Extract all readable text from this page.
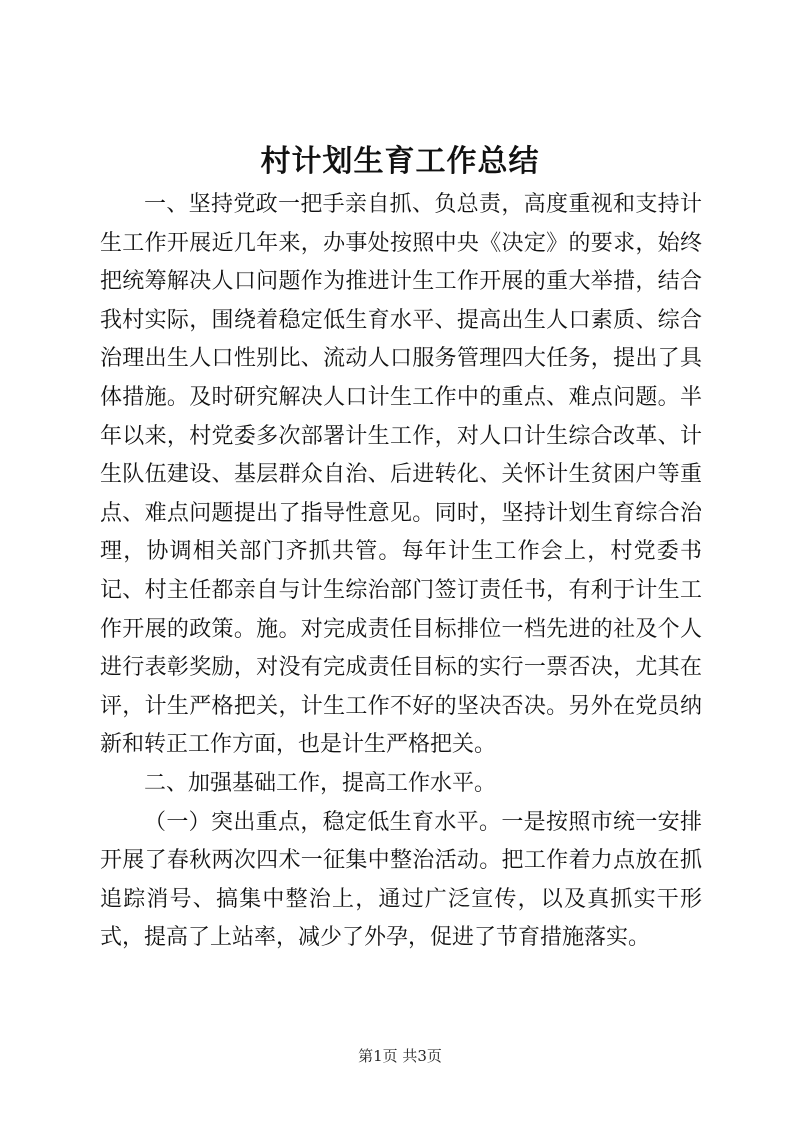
村计划生育工作总结

一、坚持党政一把手亲自抓、负总责，高度重视和支持计生工作开展近几年来，办事处按照中央《决定》的要求，始终把统筹解决人口问题作为推进计生工作开展的重大举措，结合我村实际，围绕着稳定低生育水平、提高出生人口素质、综合治理出生人口性别比、流动人口服务管理四大任务，提出了具体措施。及时研究解决人口计生工作中的重点、难点问题。半年以来，村党委多次部署计生工作，对人口计生综合改革、计生队伍建设、基层群众自治、后进转化、关怀计生贫困户等重点、难点问题提出了指导性意见。同时，坚持计划生育综合治理，协调相关部门齐抓共管。每年计生工作会上，村党委书记、村主任都亲自与计生综治部门签订责任书，有利于计生工作开展的政策。施。对完成责任目标排位一档先进的社及个人进行表彰奖励，对没有完成责任目标的实行一票否决，尤其在评，计生严格把关，计生工作不好的坚决否决。另外在党员纳新和转正工作方面，也是计生严格把关。

二、加强基础工作，提高工作水平。

（一）突出重点，稳定低生育水平。一是按照市统一安排开展了春秋两次四术一征集中整治活动。把工作着力点放在抓追踪消号、搞集中整治上，通过广泛宣传，以及真抓实干形式，提高了上站率，减少了外孕，促进了节育措施落实。

第1页 共3页
